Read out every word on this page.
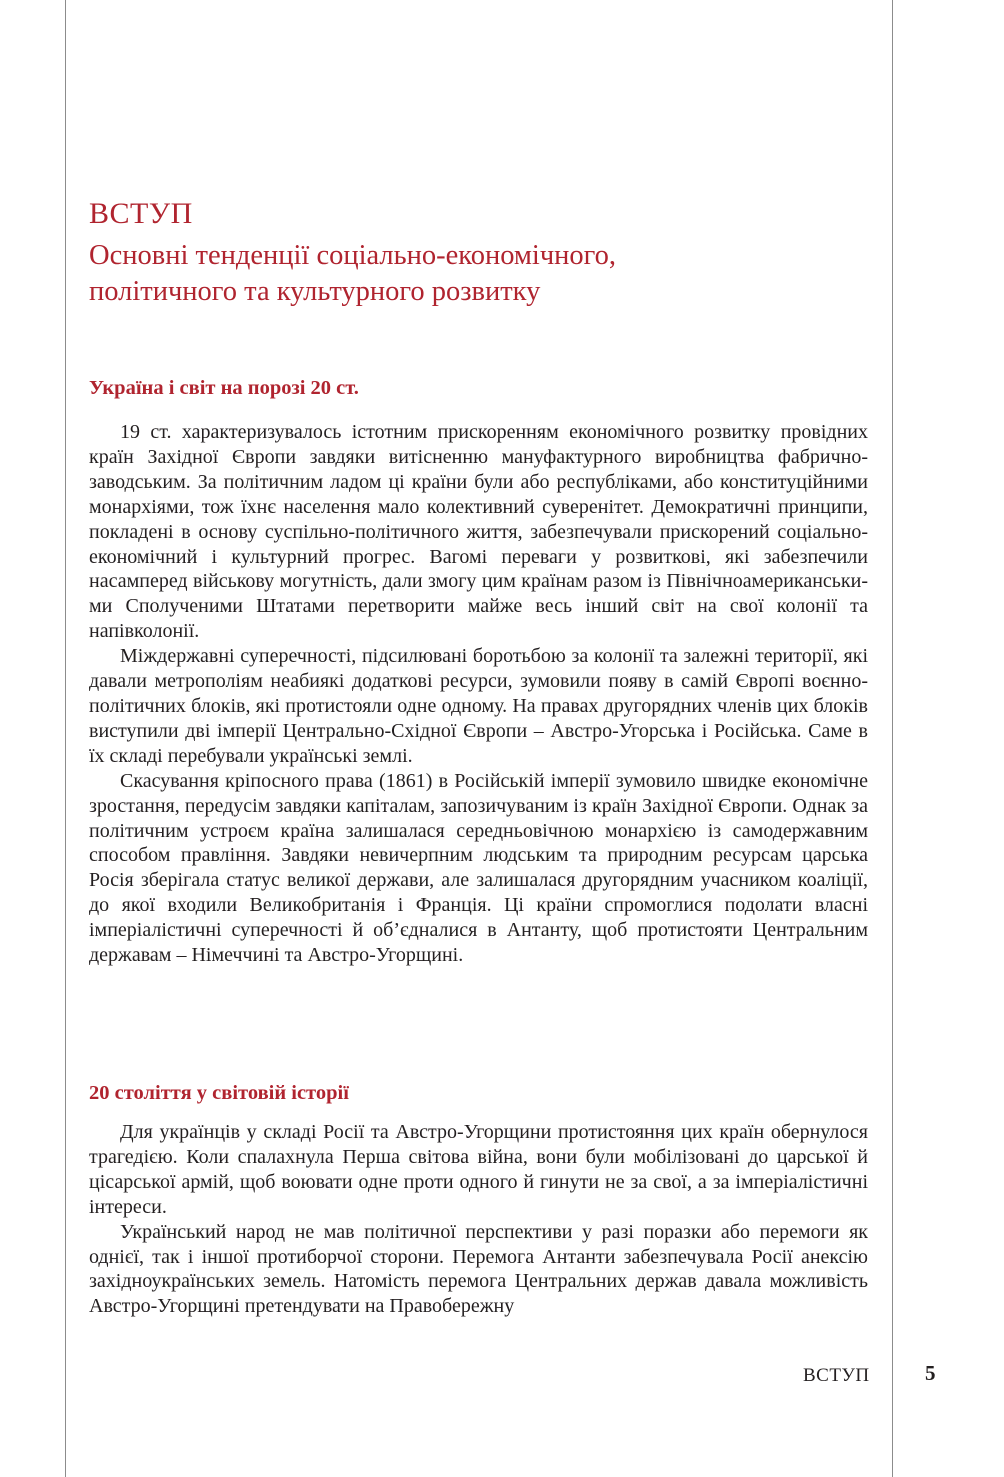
ВСТУП
Основні тенденції соціально-економічного,
політичного та культурного розвитку
Україна і світ на порозі 20 ст.

19 ст. характеризувалось істотним прискоренням економічного розвитку провідних країн Західної Європи завдяки витісненню мануфактурного виробництва фабрично-заводським. За політичним ладом ці країни були або республіками, або конституційними монархіями, тож їхнє населення мало колективний суверенітет. Демократичні принципи, покладені в основу суспільно-політичного життя, забезпечували прискорений соціально-економічний і культурний прогрес. Вагомі переваги у розвиткові, які забезпечили насамперед військову могутність, дали змогу цим країнам разом із Північноамериканськими Сполученими Штатами перетворити майже весь інший світ на свої колонії та напівколонії.

Міждержавні суперечності, підсилювані боротьбою за колонії та залежні території, які давали метрополіям неабиякі додаткові ресурси, зумовили появу в самій Європі воєнно-політичних блоків, які протистояли одне одному. На правах другорядних членів цих блоків виступили дві імперії Центрально-Східної Європи – Австро-Угорська і Російська. Саме в їх складі перебували українські землі.

Скасування кріпосного права (1861) в Російській імперії зумовило швидке економічне зростання, передусім завдяки капіталам, запозичуваним із країн Західної Європи. Однак за політичним устроєм країна залишалася середньовічною монархією із самодержавним способом правління. Завдяки невичерпним людським та природним ресурсам царська Росія зберігала статус великої держави, але залишалася другорядним учасником коаліції, до якої входили Великобританія і Франція. Ці країни спромоглися подолати власні імперіалістичні суперечності й об’єдналися в Антанту, щоб протистояти Центральним державам – Німеччині та Австро-Угорщині.

20 століття у світовій історії

Для українців у складі Росії та Австро-Угорщини протистояння цих країн обернулося трагедією. Коли спалахнула Перша світова війна, вони були мобілізовані до царської й цісарської армій, щоб воювати одне проти одного й гинути не за свої, а за імперіалістичні інтереси.

Український народ не мав політичної перспективи у разі поразки або перемоги як однієї, так і іншої протиборчої сторони. Перемога Антанти забезпечувала Росії анексію західноукраїнських земель. Натомість перемога Центральних держав давала можливість Австро-Угорщині претендувати на Правобережну

ВСТУП	5
